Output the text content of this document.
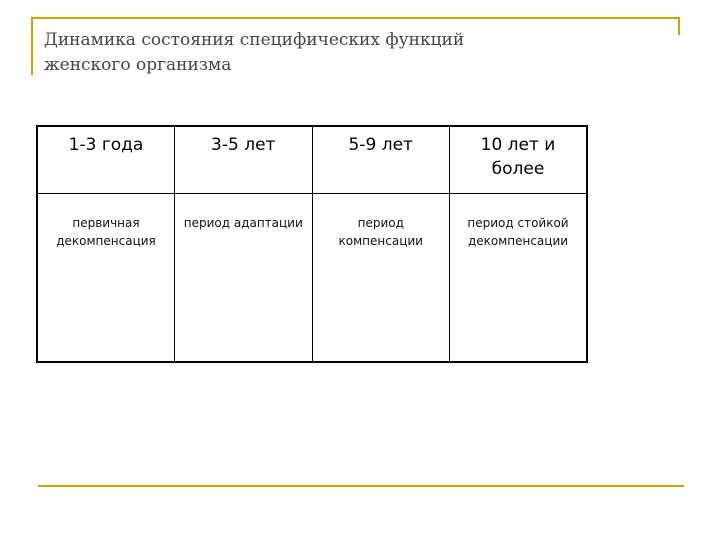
Динамика состояния специфических функций
женского организма
1-3 года	3-5 лет	5-9 лет	10 лет и более
первичная декомпенсация	период адаптации	период компенсации	период стойкой декомпенсации
